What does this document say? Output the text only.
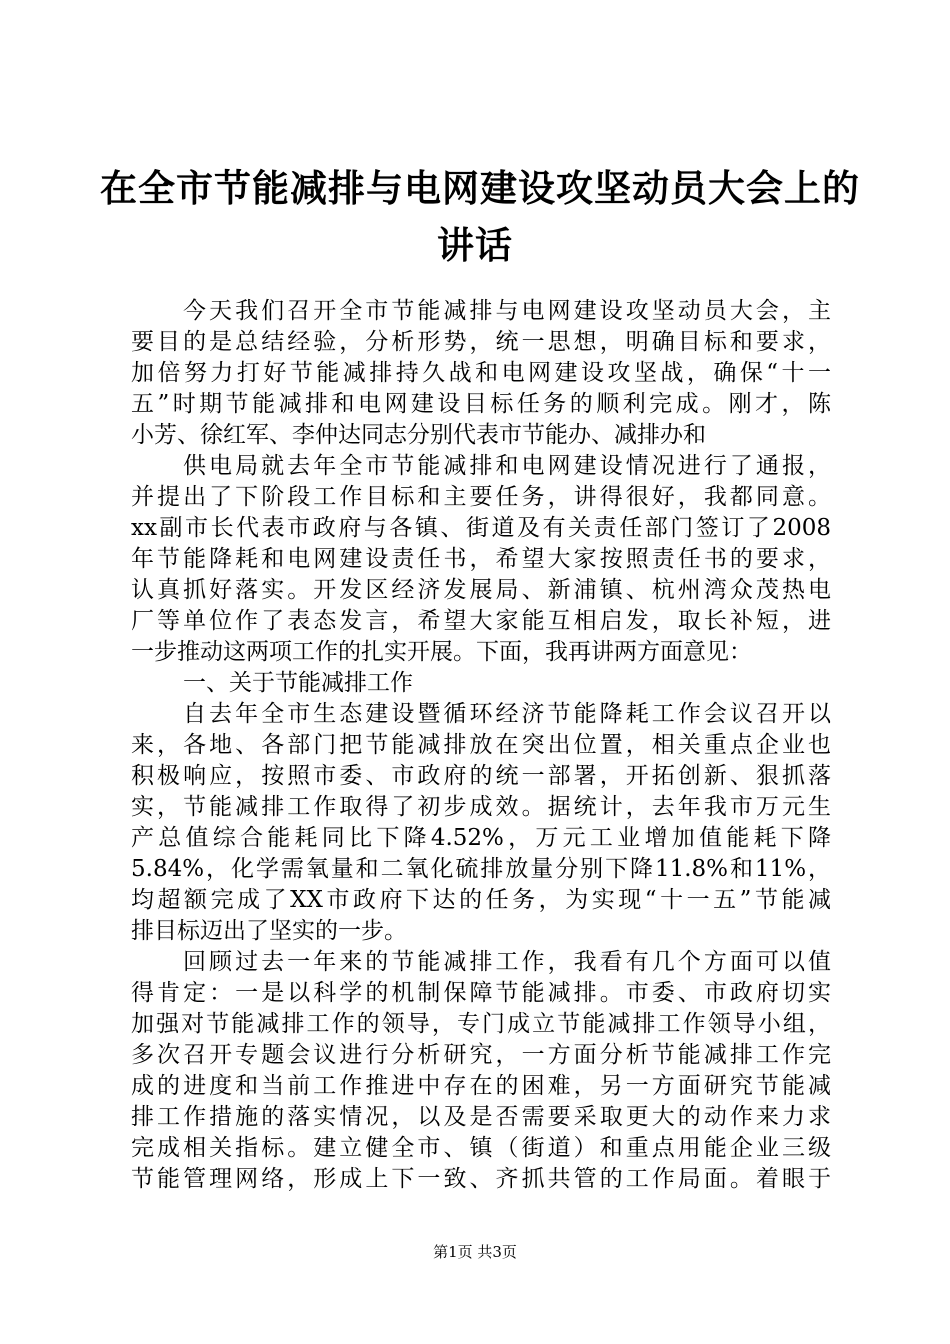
在全市节能减排与电网建设攻坚动员大会上的
讲话
今天我们召开全市节能减排与电网建设攻坚动员大会，主
要目的是总结经验，分析形势，统一思想，明确目标和要求，
加倍努力打好节能减排持久战和电网建设攻坚战，确保“十一
五”时期节能减排和电网建设目标任务的顺利完成。刚才，陈
小芳、徐红军、李仲达同志分别代表市节能办、减排办和
供电局就去年全市节能减排和电网建设情况进行了通报，
并提出了下阶段工作目标和主要任务，讲得很好，我都同意。
xx副市长代表市政府与各镇、街道及有关责任部门签订了2008
年节能降耗和电网建设责任书，希望大家按照责任书的要求，
认真抓好落实。开发区经济发展局、新浦镇、杭州湾众茂热电
厂等单位作了表态发言，希望大家能互相启发，取长补短，进
一步推动这两项工作的扎实开展。下面，我再讲两方面意见：
一、关于节能减排工作
自去年全市生态建设暨循环经济节能降耗工作会议召开以
来，各地、各部门把节能减排放在突出位置，相关重点企业也
积极响应，按照市委、市政府的统一部署，开拓创新、狠抓落
实，节能减排工作取得了初步成效。据统计，去年我市万元生
产总值综合能耗同比下降4.52%，万元工业增加值能耗下降
5.84%，化学需氧量和二氧化硫排放量分别下降11.8%和11%，
均超额完成了XX市政府下达的任务，为实现“十一五”节能减
排目标迈出了坚实的一步。
回顾过去一年来的节能减排工作，我看有几个方面可以值
得肯定：一是以科学的机制保障节能减排。市委、市政府切实
加强对节能减排工作的领导，专门成立节能减排工作领导小组，
多次召开专题会议进行分析研究，一方面分析节能减排工作完
成的进度和当前工作推进中存在的困难，另一方面研究节能减
排工作措施的落实情况，以及是否需要采取更大的动作来力求
完成相关指标。建立健全市、镇（街道）和重点用能企业三级
节能管理网络，形成上下一致、齐抓共管的工作局面。着眼于
第1页 共3页
